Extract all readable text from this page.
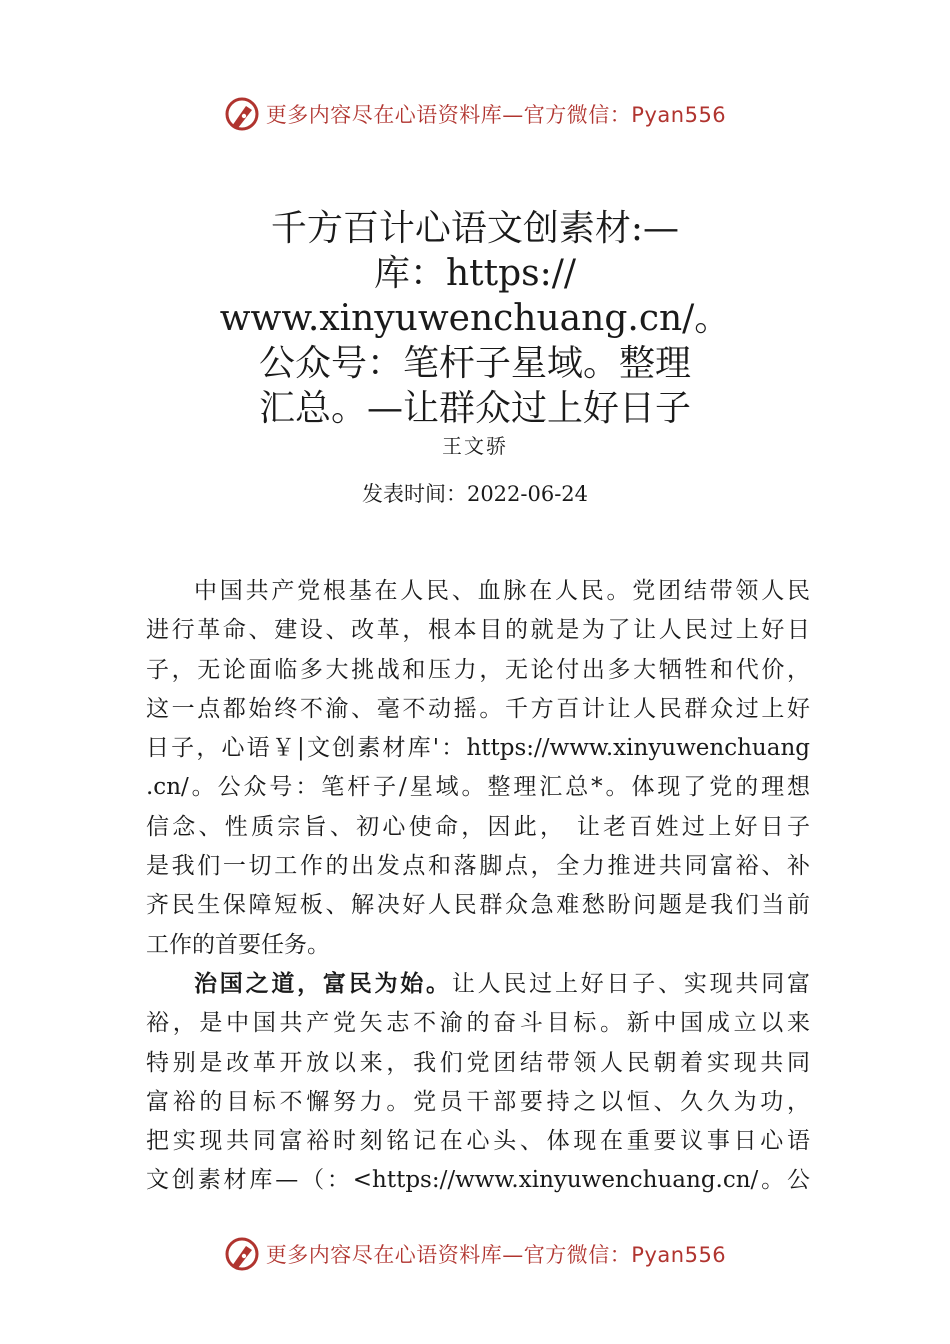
更多内容尽在心语资料库—官方微信：Pyan556
千方百计心语文创素材:—
库：https://
www.xinyuwenchuang.cn/。
公众号：笔杆子星域。整理
汇总。—让群众过上好日子
王文骄
发表时间：2022-06-24
中国共产党根基在人民、血脉在人民。党团结带领人民
进行革命、建设、改革，根本目的就是为了让人民过上好日
子，无论面临多大挑战和压力，无论付出多大牺牲和代价，
这一点都始终不渝、毫不动摇。千方百计让人民群众过上好
日子，心语￥|文创素材库'：https://www.xinyuwenchuang
.cn/。公众号：笔杆子/星域。整理汇总*。体现了党的理想
信念、性质宗旨、初心使命，因此， 让老百姓过上好日子
是我们一切工作的出发点和落脚点，全力推进共同富裕、补
齐民生保障短板、解决好人民群众急难愁盼问题是我们当前
工作的首要任务。
治国之道，富民为始。让人民过上好日子、实现共同富
裕，是中国共产党矢志不渝的奋斗目标。新中国成立以来
特别是改革开放以来，我们党团结带领人民朝着实现共同
富裕的目标不懈努力。党员干部要持之以恒、久久为功，
把实现共同富裕时刻铭记在心头、体现在重要议事日心语
文创素材库—（：<https://www.xinyuwenchuang.cn/。公
更多内容尽在心语资料库—官方微信：Pyan556
